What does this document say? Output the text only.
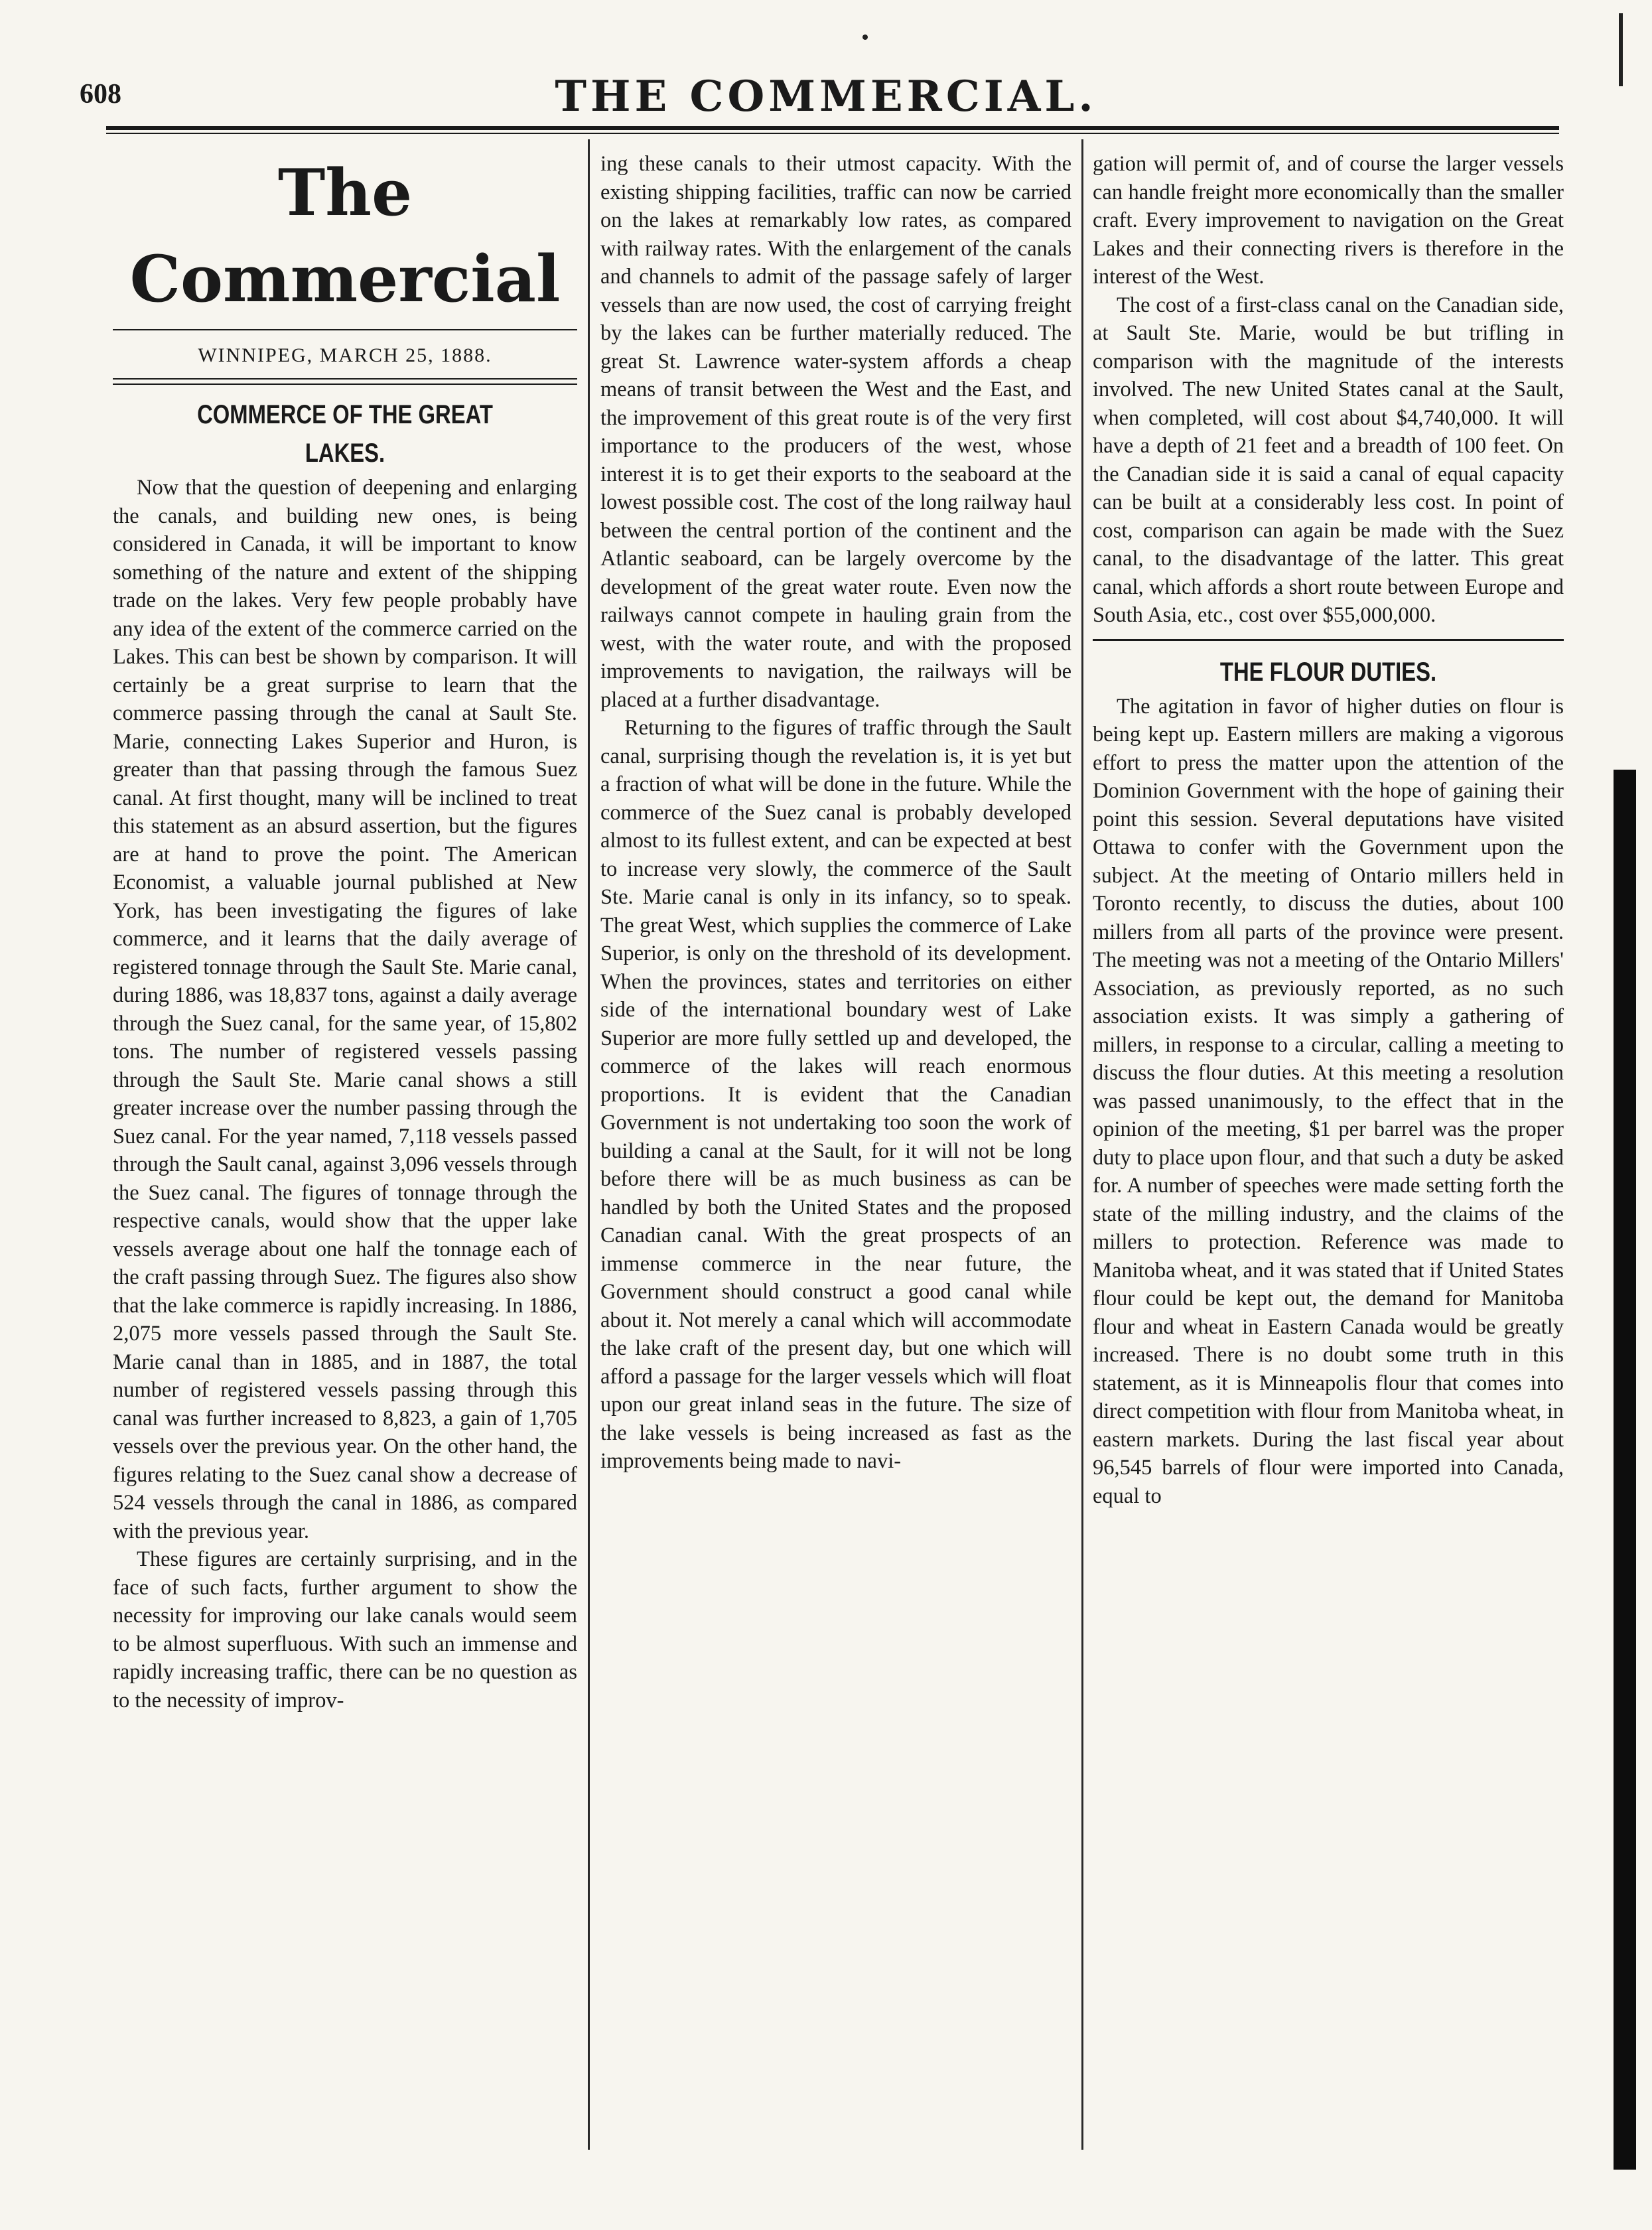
608	THE COMMERCIAL.
The Commercial
WINNIPEG, MARCH 25, 1888.
COMMERCE OF THE GREAT LAKES.

Now that the question of deepening and enlarging the canals, and building new ones, is being considered in Canada, it will be important to know something of the nature and extent of the shipping trade on the lakes. Very few people probably have any idea of the extent of the commerce carried on the Lakes. This can best be shown by comparison. It will certainly be a great surprise to learn that the commerce passing through the canal at Sault Ste. Marie, connecting Lakes Superior and Huron, is greater than that passing through the famous Suez canal. At first thought, many will be inclined to treat this statement as an absurd assertion, but the figures are at hand to prove the point. The American Economist, a valuable journal published at New York, has been investigating the figures of lake commerce, and it learns that the daily average of registered tonnage through the Sault Ste. Marie canal, during 1886, was 18,837 tons, against a daily average through the Suez canal, for the same year, of 15,802 tons. The number of registered vessels passing through the Sault Ste. Marie canal shows a still greater increase over the number passing through the Suez canal. For the year named, 7,118 vessels passed through the Sault canal, against 3,096 vessels through the Suez canal. The figures of tonnage through the respective canals, would show that the upper lake vessels average about one half the tonnage each of the craft passing through Suez. The figures also show that the lake commerce is rapidly increasing. In 1886, 2,075 more vessels passed through the Sault Ste. Marie canal than in 1885, and in 1887, the total number of registered vessels passing through this canal was further increased to 8,823, a gain of 1,705 vessels over the previous year. On the other hand, the figures relating to the Suez canal show a decrease of 524 vessels through the canal in 1886, as compared with the previous year.

These figures are certainly surprising, and in the face of such facts, further argument to show the necessity for improving our lake canals would seem to be almost superfluous. With such an immense and rapidly increasing traffic, there can be no question as to the necessity of improv-

ing these canals to their utmost capacity. With the existing shipping facilities, traffic can now be carried on the lakes at remarkably low rates, as compared with railway rates. With the enlargement of the canals and channels to admit of the passage safely of larger vessels than are now used, the cost of carrying freight by the lakes can be further materially reduced. The great St. Lawrence water-system affords a cheap means of transit between the West and the East, and the improvement of this great route is of the very first importance to the producers of the west, whose interest it is to get their exports to the seaboard at the lowest possible cost. The cost of the long railway haul between the central portion of the continent and the Atlantic seaboard, can be largely overcome by the development of the great water route. Even now the railways cannot compete in hauling grain from the west, with the water route, and with the proposed improvements to navigation, the railways will be placed at a further disadvantage.

Returning to the figures of traffic through the Sault canal, surprising though the revelation is, it is yet but a fraction of what will be done in the future. While the commerce of the Suez canal is probably developed almost to its fullest extent, and can be expected at best to increase very slowly, the commerce of the Sault Ste. Marie canal is only in its infancy, so to speak. The great West, which supplies the commerce of Lake Superior, is only on the threshold of its development. When the provinces, states and territories on either side of the international boundary west of Lake Superior are more fully settled up and developed, the commerce of the lakes will reach enormous proportions. It is evident that the Canadian Government is not undertaking too soon the work of building a canal at the Sault, for it will not be long before there will be as much business as can be handled by both the United States and the proposed Canadian canal. With the great prospects of an immense commerce in the near future, the Government should construct a good canal while about it. Not merely a canal which will accommodate the lake craft of the present day, but one which will afford a passage for the larger vessels which will float upon our great inland seas in the future. The size of the lake vessels is being increased as fast as the improvements being made to navi-

gation will permit of, and of course the larger vessels can handle freight more economically than the smaller craft. Every improvement to navigation on the Great Lakes and their connecting rivers is therefore in the interest of the West.

The cost of a first-class canal on the Canadian side, at Sault Ste. Marie, would be but trifling in comparison with the magnitude of the interests involved. The new United States canal at the Sault, when completed, will cost about $4,740,000. It will have a depth of 21 feet and a breadth of 100 feet. On the Canadian side it is said a canal of equal capacity can be built at a considerably less cost. In point of cost, comparison can again be made with the Suez canal, to the disadvantage of the latter. This great canal, which affords a short route between Europe and South Asia, etc., cost over $55,000,000.

THE FLOUR DUTIES.

The agitation in favor of higher duties on flour is being kept up. Eastern millers are making a vigorous effort to press the matter upon the attention of the Dominion Government with the hope of gaining their point this session. Several deputations have visited Ottawa to confer with the Government upon the subject. At the meeting of Ontario millers held in Toronto recently, to discuss the duties, about 100 millers from all parts of the province were present. The meeting was not a meeting of the Ontario Millers' Association, as previously reported, as no such association exists. It was simply a gathering of millers, in response to a circular, calling a meeting to discuss the flour duties. At this meeting a resolution was passed unanimously, to the effect that in the opinion of the meeting, $1 per barrel was the proper duty to place upon flour, and that such a duty be asked for. A number of speeches were made setting forth the state of the milling industry, and the claims of the millers to protection. Reference was made to Manitoba wheat, and it was stated that if United States flour could be kept out, the demand for Manitoba flour and wheat in Eastern Canada would be greatly increased. There is no doubt some truth in this statement, as it is Minneapolis flour that comes into direct competition with flour from Manitoba wheat, in eastern markets. During the last fiscal year about 96,545 barrels of flour were imported into Canada, equal to
